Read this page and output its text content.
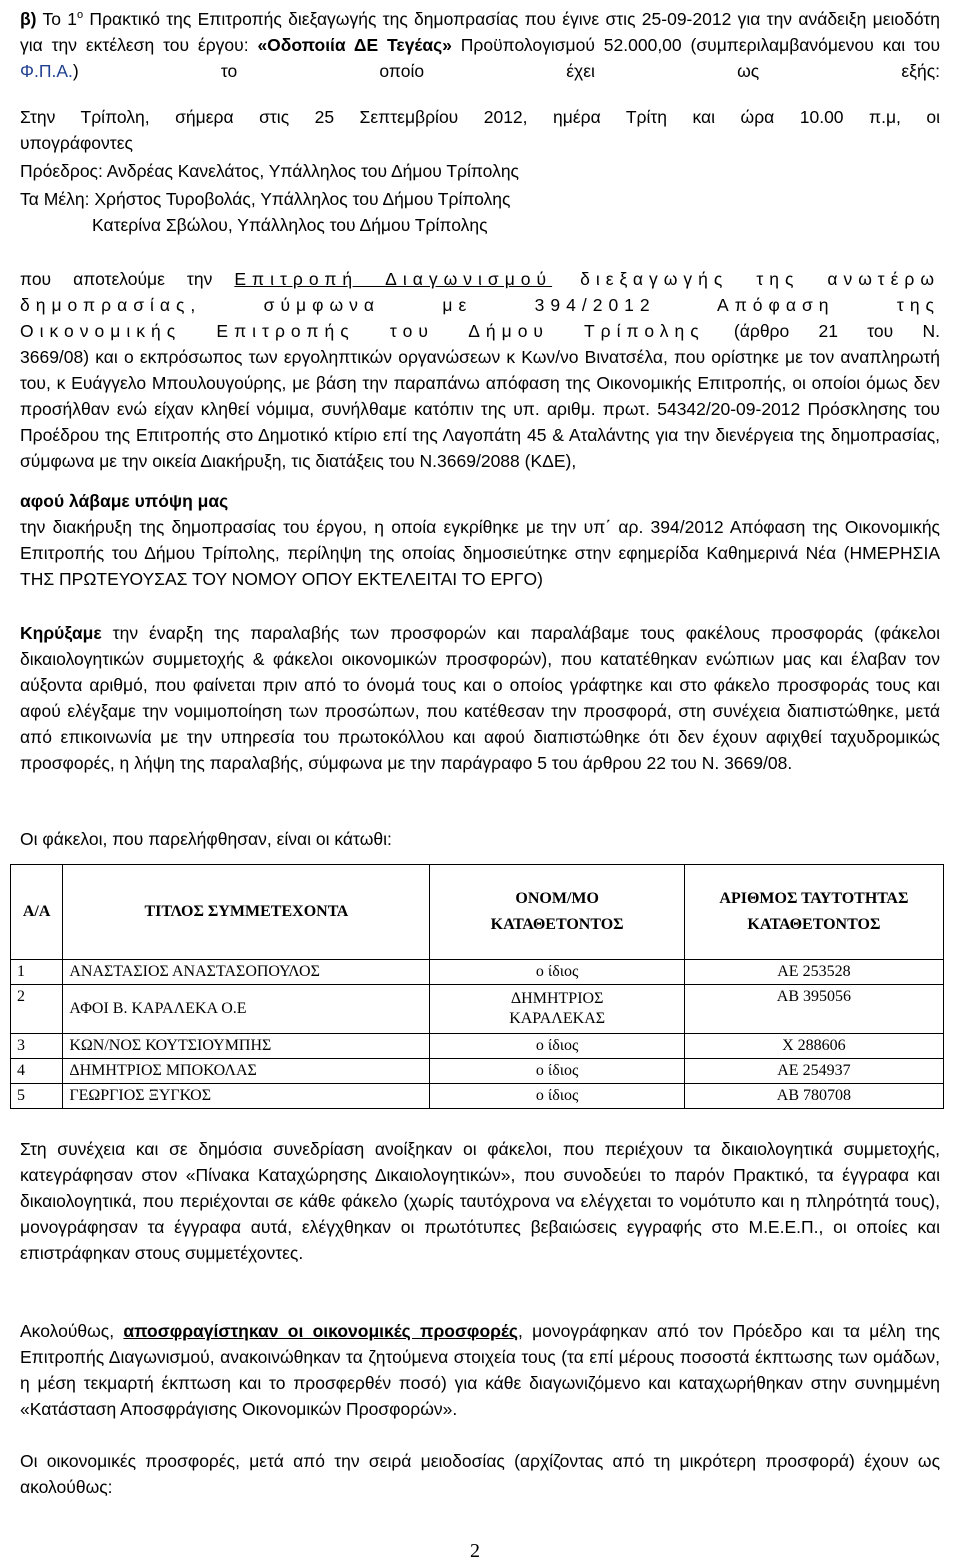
β) Το $1^o$ Πρακτικό της Επιτροπής διεξαγωγής της δημοπρασίας που έγινε στις 25-09-2012 για την ανάδειξη μειοδότη για την εκτέλεση του έργου: «Οδοποιία ΔΕ Τεγέας» Προϋπολογισμού 52.000,00 (συμπεριλαμβανόμενου και του Φ.Π.Α.) το οποίο έχει ως εξής:

Στην Τρίπολη, σήμερα στις 25 Σεπτεμβρίου 2012, ημέρα Τρίτη και ώρα 10.00 π.μ, οι

υπογράφοντες

Πρόεδρος: Ανδρέας Κανελάτος, Υπάλληλος του Δήμου Τρίπολης

Τα Μέλη: Χρήστος Τυροβολάς, Υπάλληλος του Δήμου Τρίπολης

Κατερίνα Σβώλου, Υπάλληλος του Δήμου Τρίπολης

που αποτελούμε την Επιτροπή Διαγωνισμού διεξαγωγής της ανωτέρω

δημοπρασίας, σύμφωνα με 394/2012 Απόφαση της

Οικονομικής Επιτροπής του Δήμου Τρίπολης (άρθρο 21 του Ν.

3669/08) και ο εκπρόσωπος των εργοληπτικών οργανώσεων κ Κων/νο Βινατσέλα, που ορίστηκε με τον αναπληρωτή του, κ Ευάγγελο Μπουλουγούρης, με βάση την παραπάνω απόφαση της Οικονομικής Επιτροπής, οι οποίοι όμως δεν προσήλθαν ενώ είχαν κληθεί νόμιμα, συνήλθαμε κατόπιν της υπ. αριθμ. πρωτ. 54342/20-09-2012 Πρόσκλησης του Προέδρου της Επιτροπής στο Δημοτικό κτίριο επί της Λαγοπάτη 45 & Αταλάντης για την διενέργεια της δημοπρασίας, σύμφωνα με την οικεία Διακήρυξη, τις διατάξεις του Ν.3669/2088 (ΚΔΕ),

αφού λάβαμε υπόψη μας

την διακήρυξη της δημοπρασίας του έργου, η οποία εγκρίθηκε με την υπ΄ αρ. 394/2012 Απόφαση της Οικονομικής Επιτροπής του Δήμου Τρίπολης, περίληψη της οποίας δημοσιεύτηκε στην εφημερίδα Καθημερινά Νέα (ΗΜΕΡΗΣΙΑ ΤΗΣ ΠΡΩΤΕΥΟΥΣΑΣ ΤΟΥ ΝΟΜΟΥ ΟΠΟΥ ΕΚΤΕΛΕΙΤΑΙ ΤΟ ΕΡΓΟ)

Κηρύξαμε την έναρξη της παραλαβής των προσφορών και παραλάβαμε τους φακέλους προσφοράς (φάκελοι δικαιολογητικών συμμετοχής & φάκελοι οικονομικών προσφορών), που κατατέθηκαν ενώπιων μας και έλαβαν τον αύξοντα αριθμό, που φαίνεται πριν από το όνομά τους και ο οποίος γράφτηκε και στο φάκελο προσφοράς τους και αφού ελέγξαμε την νομιμοποίηση των προσώπων, που κατέθεσαν την προσφορά, στη συνέχεια διαπιστώθηκε, μετά από επικοινωνία με την υπηρεσία του πρωτοκόλλου και αφού διαπιστώθηκε ότι δεν έχουν αφιχθεί ταχυδρομικώς προσφορές, η λήψη της παραλαβής, σύμφωνα με την παράγραφο 5 του άρθρου 22 του Ν. 3669/08.

Οι φάκελοι, που παρελήφθησαν, είναι οι κάτωθι:

Α/Α	ΤΙΤΛΟΣ ΣΥΜΜΕΤΕΧΟΝΤΑ	ΟΝΟΜ/ΜΟ ΚΑΤΑΘΕΤΟΝΤΟΣ	ΑΡΙΘΜΟΣ ΤΑΥΤΟΤΗΤΑΣ ΚΑΤΑΘΕΤΟΝΤΟΣ
1	ΑΝΑΣΤΑΣΙΟΣ ΑΝΑΣΤΑΣΟΠΟΥΛΟΣ	ο ίδιος	ΑΕ 253528
2	ΑΦΟΙ Β. ΚΑΡΑΛΕΚΑ Ο.Ε	ΔΗΜΗΤΡΙΟΣ ΚΑΡΑΛΕΚΑΣ	ΑΒ 395056
3	ΚΩΝ/ΝΟΣ ΚΟΥΤΣΙΟΥΜΠΗΣ	ο ίδιος	Χ 288606
4	ΔΗΜΗΤΡΙΟΣ ΜΠΟΚΟΛΑΣ	ο ίδιος	ΑΕ 254937
5	ΓΕΩΡΓΙΟΣ ΞΥΓΚΟΣ	ο ίδιος	ΑΒ 780708

Στη συνέχεια και σε δημόσια συνεδρίαση ανοίξηκαν οι φάκελοι, που περιέχουν τα δικαιολογητικά συμμετοχής, κατεγράφησαν στον «Πίνακα Καταχώρησης Δικαιολογητικών», που συνοδεύει το παρόν Πρακτικό, τα έγγραφα και δικαιολογητικά, που περιέχονται σε κάθε φάκελο (χωρίς ταυτόχρονα να ελέγχεται το νομότυπο και η πληρότητά τους), μονογράφησαν τα έγγραφα αυτά, ελέγχθηκαν οι πρωτότυπες βεβαιώσεις εγγραφής στο Μ.Ε.Ε.Π., οι οποίες και επιστράφηκαν στους συμμετέχοντες.

Ακολούθως, αποσφραγίστηκαν οι οικονομικές προσφορές, μονογράφηκαν από τον Πρόεδρο και τα μέλη της Επιτροπής Διαγωνισμού, ανακοινώθηκαν τα ζητούμενα στοιχεία τους (τα επί μέρους ποσοστά έκπτωσης των ομάδων, η μέση τεκμαρτή έκπτωση και το προσφερθέν ποσό) για κάθε διαγωνιζόμενο και καταχωρήθηκαν στην συνημμένη «Κατάσταση Αποσφράγισης Οικονομικών Προσφορών».

Οι οικονομικές προσφορές, μετά από την σειρά μειοδοσίας (αρχίζοντας από τη μικρότερη προσφορά) έχουν ως ακολούθως:

2
